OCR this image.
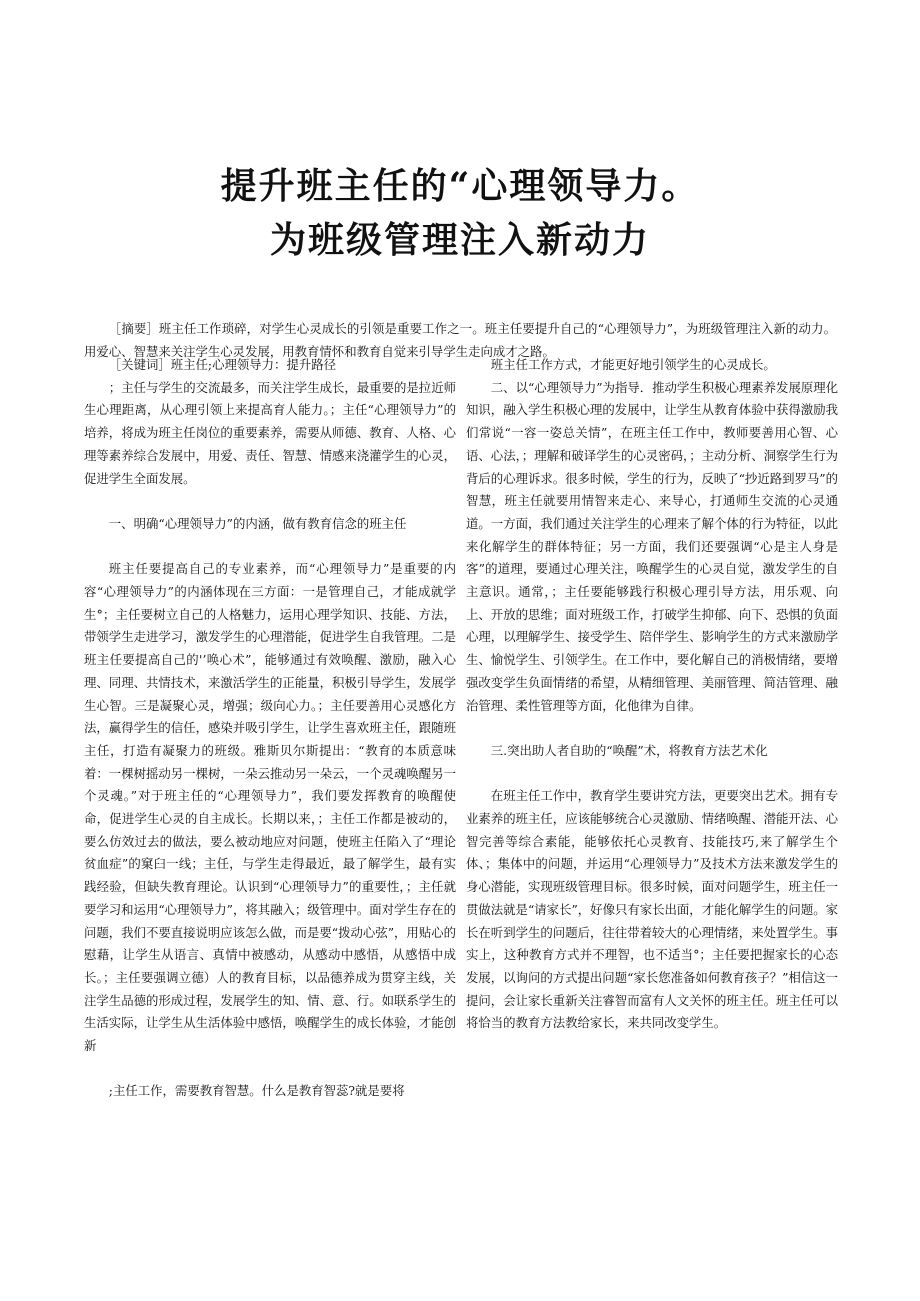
提升班主任的“心理领导力。
为班级管理注入新动力

［摘要］班主任工作琐碎，对学生心灵成长的引领是重要工作之一。班主任要提升自己的“心理领导力”，为班级管理注入新的动力。用爱心、智慧来关注学生心灵发展，用教育情怀和教育自觉来引导学生走向成才之路。

［关键词］班主任;心理领导力：提升路径

；主任与学生的交流最多，而关注学生成长，最重要的是拉近师生心理距离，从心理引领上来提高育人能力。；主任“心理领导力”的培养，将成为班主任岗位的重要素养，需要从师德、教育、人格、心理等素养综合发展中，用爱、责任、智慧、情感来浇灌学生的心灵，促进学生全面发展。

一、明确“心理领导力”的内涵，做有教育信念的班主任

班主任要提高自己的专业素养，而“心理领导力”是重要的内容“心理领导力”的内涵体现在三方面：一是管理自己，才能成就学生°；主任要树立自己的人格魅力，运用心理学知识、技能、方法，带领学生走进学习，激发学生的心理潜能，促进学生自我管理。二是班主任要提高自己的'’唤心术”，能够通过有效唤醒、激励，融入心理、同理、共情技术，来激活学生的正能量，积极引导学生，发展学生心智。三是凝聚心灵，增强；级向心力。；主任要善用心灵感化方法，赢得学生的信任，感染并吸引学生，让学生喜欢班主任，跟随班主任，打造有凝聚力的班级。雅斯贝尔斯提出：“教育的本质意味着：一棵树摇动另一棵树，一朵云推动另一朵云，一个灵魂唤醒另一个灵魂。”对于班主任的“心理领导力”，我们要发挥教育的唤醒使命，促进学生心灵的自主成长。长期以来，；主任工作都是被动的，要么仿效过去的做法，要么被动地应对问题，使班主任陷入了“理论贫血症”的窠臼一线；主任，与学生走得最近，最了解学生，最有实践经验，但缺失教育理论。认识到“心理领导力”的重要性，；主任就要学习和运用“心理领导力”，将其融入；级管理中。面对学生存在的问题，我们不要直接说明应该怎么做，而是要“拨动心弦”，用贴心的慰藉，让学生从语言、真情中被感动，从感动中感悟，从感悟中成长。；主任要强调立德）人的教育目标，以品德养成为贯穿主线，关注学生品德的形成过程，发展学生的知、情、意、行。如联系学生的生活实际，让学生从生活体验中感悟，唤醒学生的成长体验，才能创新

;主任工作，需要教育智慧。什么是教育智蕊?就是要将

班主任工作方式，才能更好地引领学生的心灵成长。

二、以“心理领导力”为指导．推动学生积极心理素养发展原理化知识，融入学生积极心理的发展中，让学生从教育体验中获得激励我们常说“一容一姿总关情”，在班主任工作中，教师要善用心智、心语、心法，；理解和破译学生的心灵密码，；主动分析、洞察学生行为背后的心理诉求。很多时候，学生的行为，反映了“抄近路到罗马”的智慧，班主任就要用情智来走心、来导心，打通师生交流的心灵通道。一方面，我们通过关注学生的心理来了解个体的行为特征，以此来化解学生的群体特征；另一方面，我们还要强调“心是主人身是客”的道理，要通过心理关注，唤醒学生的心灵自觉，激发学生的自主意识。通常，；主任要能够践行积极心理引导方法，用乐观、向上、开放的思维；面对班级工作，打破学生抑郁、向下、恐惧的负面心理，以理解学生、接受学生、陪伴学生、影响学生的方式来激励学生、愉悦学生、引领学生。在工作中，要化解自己的消极情绪，要增强改变学生负面情绪的希望，从精细管理、美丽管理、简洁管理、融治管理、柔性管理等方面，化他律为自律。

三.突出助人者自助的“唤醒”术，将教育方法艺术化

在班主任工作中，教育学生要讲究方法，更要突出艺术。拥有专业素养的班主任，应该能够统合心灵激励、情绪唤醒、潜能开法、心智完善等综合素能，能够依托心灵教育、技能技巧,来了解学生个体、；集体中的问题，并运用“心理领导力”及技术方法来激发学生的身心潜能，实现班级管理目标。很多时候，面对问题学生，班主任一贯做法就是“请家长”，好像只有家长出面，才能化解学生的问题。家长在听到学生的问题后，往往带着较大的心理情绪，来处置学生。事实上，这种教育方式并不理智，也不适当°；主任要把握家长的心态发展，以询问的方式提出问题“家长您准备如何教育孩子？”相信这一提问，会让家长重新关注睿智而富有人文关怀的班主任。班主任可以将恰当的教育方法教给家长，来共同改变学生。
